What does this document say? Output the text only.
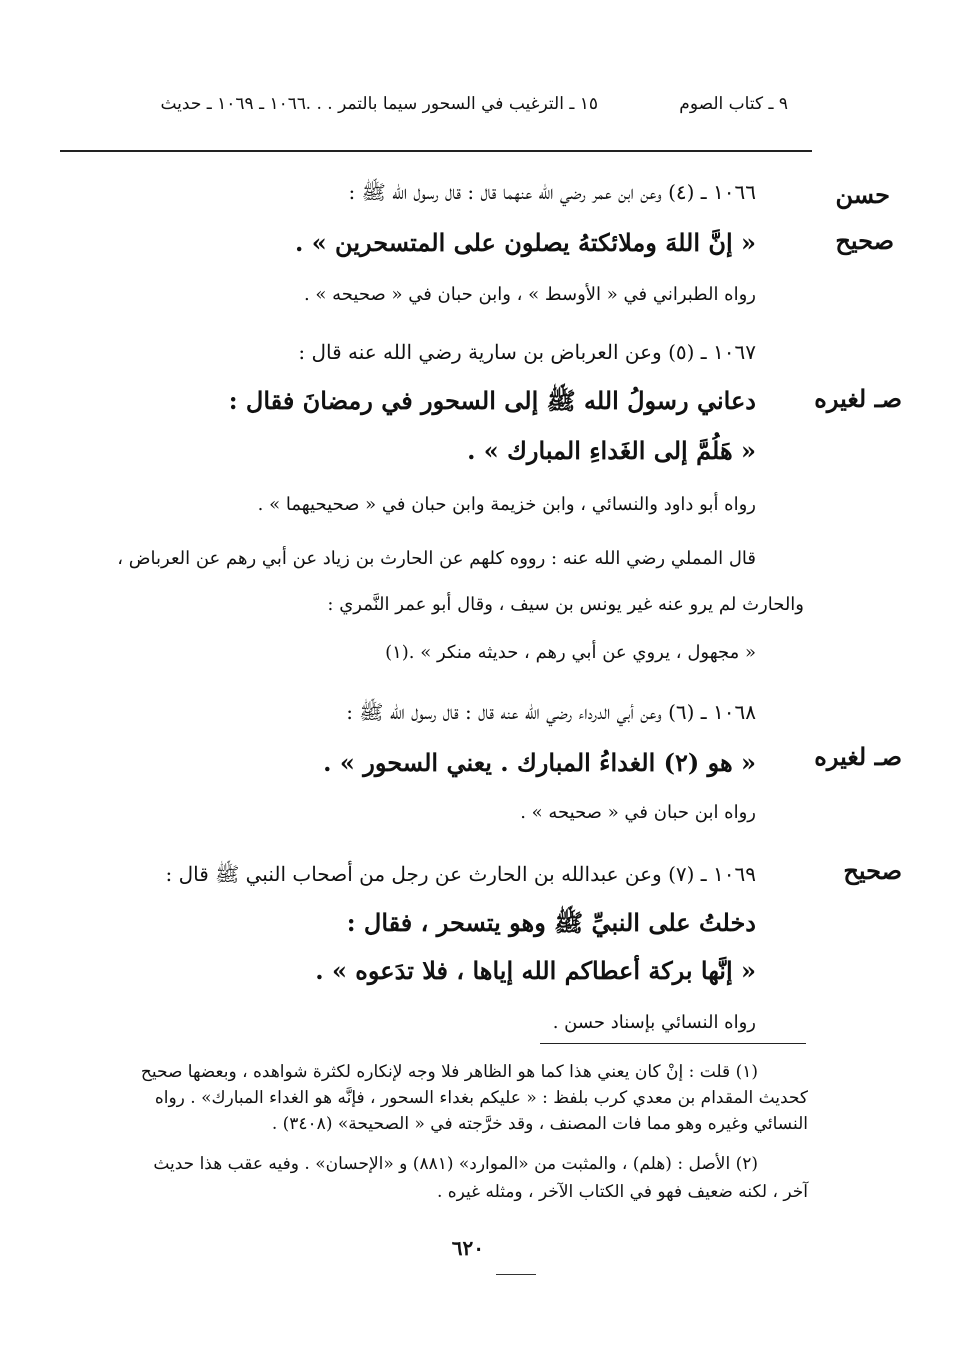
٩ ـ كتاب الصوم
١٥ ـ الترغيب في السحور سيما بالتمر . . .
١٠٦٦ ـ ١٠٦٩ ـ حديث
حسن
صحيح
صـ لغيره
صـ لغيره
صحيح
١٠٦٦ ـ (٤) وعن ابن عمر رضي الله عنهما قال : قال رسول الله ﷺ :
« إنَّ اللهَ وملائكتهُ يصلون على المتسحرين » .
رواه الطبراني في « الأوسط » ، وابن حبان في « صحيحه » .
١٠٦٧ ـ (٥) وعن العرباض بن سارية رضي الله عنه قال :
دعاني رسولُ الله ﷺ إلى السحور في رمضانَ فقال :
« هَلُمَّ إلى الغَداءِ المبارك » .
رواه أبو داود والنسائي ، وابن خزيمة وابن حبان في « صحيحيهما » .
قال المملي رضي الله عنه : رووه كلهم عن الحارث بن زياد عن أبي رهم عن العرباض ،
والحارث لم يرو عنه غير يونس بن سيف ، وقال أبو عمر النَّمري :
« مجهول ، يروي عن أبي رهم ، حديثه منكر » .(١)
١٠٦٨ ـ (٦) وعن أبي الدرداء رضي الله عنه قال : قال رسول الله ﷺ :
« هو (٢) الغداءُ المبارك . يعني السحور » .
رواه ابن حبان في « صحيحه » .
١٠٦٩ ـ (٧) وعن عبدالله بن الحارث عن رجل من أصحاب النبي ﷺ قال :
دخلتُ على النبيِّ ﷺ وهو يتسحر ، فقال :
« إنَّها بركة أعطاكم الله إياها ، فلا تدَعوه » .
رواه النسائي بإسناد حسن .
(١) قلت : إنْ كان يعني هذا كما هو الظاهر فلا وجه لإنكاره لكثرة شواهده ، وبعضها صحيح
كحديث المقدام بن معدي كرب بلفظ : « عليكم بغداء السحور ، فإنَّه هو الغداء المبارك» . رواه
النسائي وغيره وهو مما فات المصنف ، وقد خرَّجته في « الصحيحة» (٣٤٠٨) .
(٢) الأصل : (هلم) ، والمثبت من «الموارد» (٨٨١) و «الإحسان» . وفيه عقب هذا حديث
آخر ، لكنه ضعيف فهو في الكتاب الآخر ، ومثله غيره .
٦٢٠
